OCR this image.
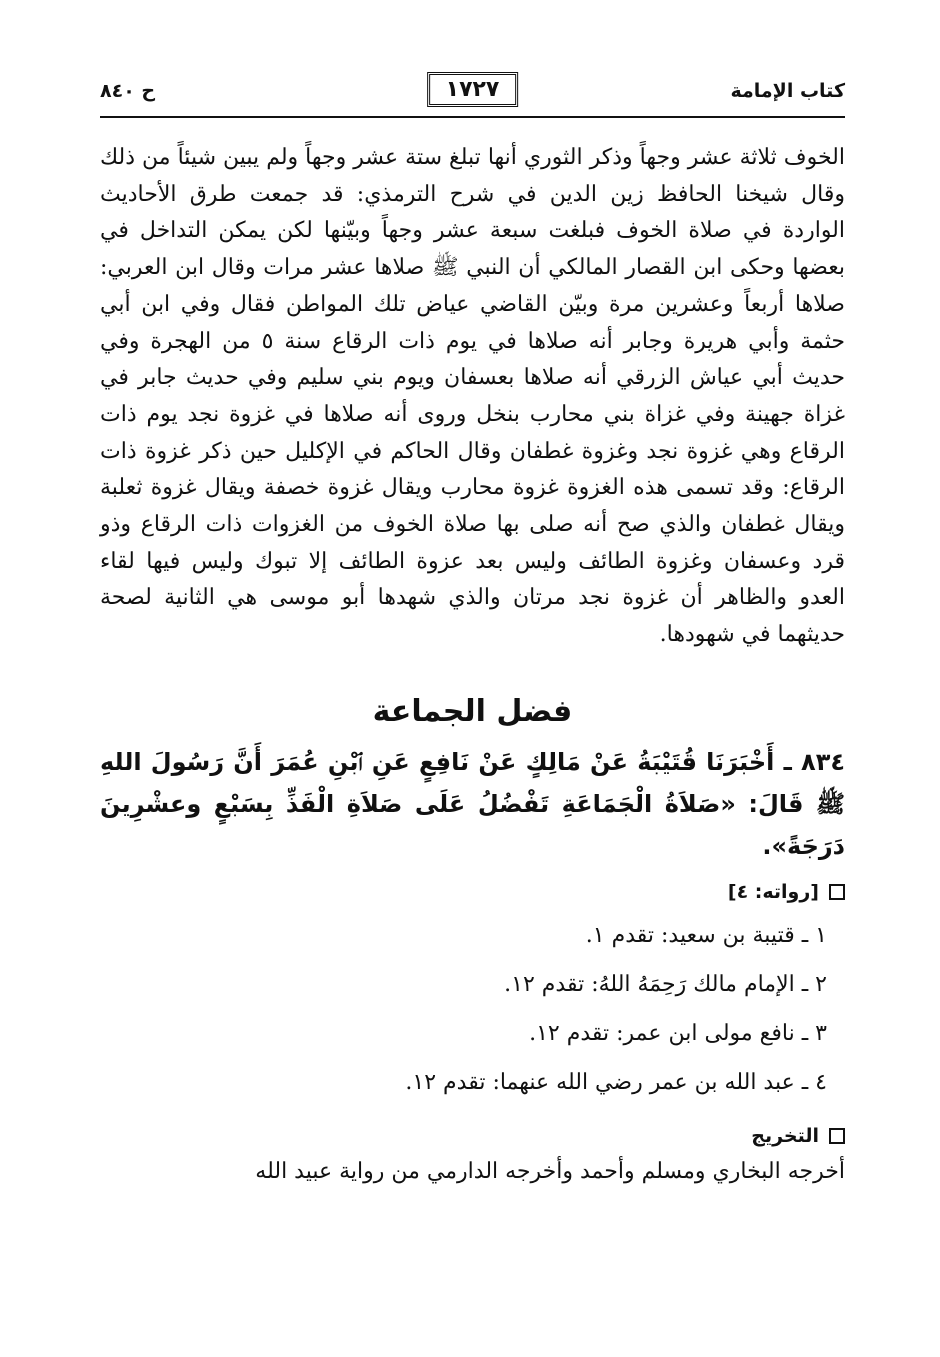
كتاب الإمامة
١٧٢٧
ح ٨٤٠
الخوف ثلاثة عشر وجهاً وذكر الثوري أنها تبلغ ستة عشر وجهاً ولم يبين شيئاً من ذلك وقال شيخنا الحافظ زين الدين في شرح الترمذي: قد جمعت طرق الأحاديث الواردة في صلاة الخوف فبلغت سبعة عشر وجهاً وبيّنها لكن يمكن التداخل في بعضها وحكى ابن القصار المالكي أن النبي ﷺ صلاها عشر مرات وقال ابن العربي: صلاها أربعاً وعشرين مرة وبيّن القاضي عياض تلك المواطن فقال وفي ابن أبي حثمة وأبي هريرة وجابر أنه صلاها في يوم ذات الرقاع سنة ٥ من الهجرة وفي حديث أبي عياش الزرقي أنه صلاها بعسفان ويوم بني سليم وفي حديث جابر في غزاة جهينة وفي غزاة بني محارب بنخل وروى أنه صلاها في غزوة نجد يوم ذات الرقاع وهي غزوة نجد وغزوة غطفان وقال الحاكم في الإكليل حين ذكر غزوة ذات الرقاع: وقد تسمى هذه الغزوة غزوة محارب ويقال غزوة خصفة ويقال غزوة ثعلبة ويقال غطفان والذي صح أنه صلى بها صلاة الخوف من الغزوات ذات الرقاع وذو قرد وعسفان وغزوة الطائف وليس بعد عزوة الطائف إلا تبوك وليس فيها لقاء العدو والظاهر أن غزوة نجد مرتان والذي شهدها أبو موسى هي الثانية لصحة حديثهما في شهودها.
فضل الجماعة
٨٣٤ ـ أَخْبَرَنَا قُتَيْبَةُ عَنْ مَالِكٍ عَنْ نَافِعٍ عَنِ ٱبْنِ عُمَرَ أَنَّ رَسُولَ اللهِ ﷺ قَالَ: «صَلاَةُ الْجَمَاعَةِ تَفْضُلُ عَلَى صَلاَةِ الْفَذِّ بِسَبْعٍ وعشْرِينَ دَرَجَةً».
[رواته: ٤]
١ ـ قتيبة بن سعيد: تقدم ١.
٢ ـ الإمام مالك رَحِمَهُ اللهُ: تقدم ١٢.
٣ ـ نافع مولى ابن عمر: تقدم ١٢.
٤ ـ عبد الله بن عمر رضي الله عنهما: تقدم ١٢.
التخريج
أخرجه البخاري ومسلم وأحمد وأخرجه الدارمي من رواية عبيد الله
